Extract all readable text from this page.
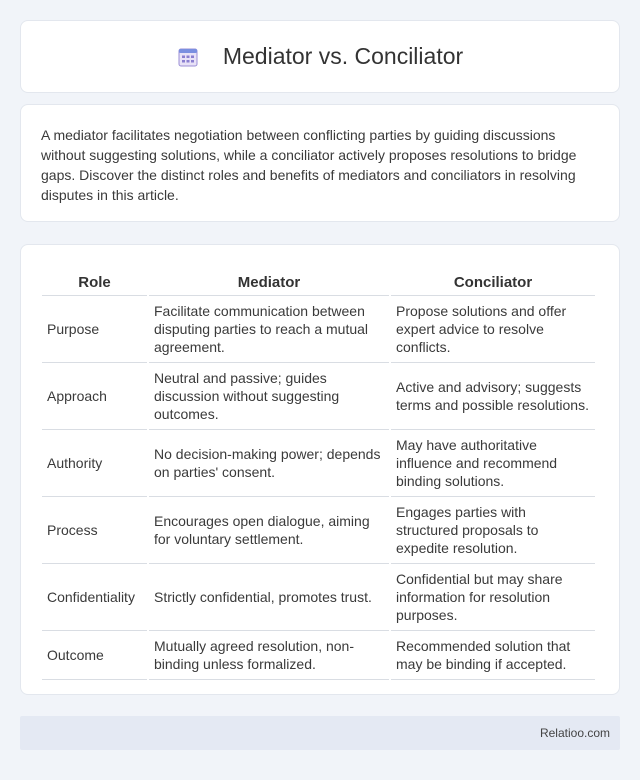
Mediator vs. Conciliator

A mediator facilitates negotiation between conflicting parties by guiding discussions without suggesting solutions, while a conciliator actively proposes resolutions to bridge gaps. Discover the distinct roles and benefits of mediators and conciliators in resolving disputes in this article.

Role	Mediator	Conciliator
Purpose	Facilitate communication between disputing parties to reach a mutual agreement.	Propose solutions and offer expert advice to resolve conflicts.
Approach	Neutral and passive; guides discussion without suggesting outcomes.	Active and advisory; suggests terms and possible resolutions.
Authority	No decision-making power; depends on parties' consent.	May have authoritative influence and recommend binding solutions.
Process	Encourages open dialogue, aiming for voluntary settlement.	Engages parties with structured proposals to expedite resolution.
Confidentiality	Strictly confidential, promotes trust.	Confidential but may share information for resolution purposes.
Outcome	Mutually agreed resolution, non-binding unless formalized.	Recommended solution that may be binding if accepted.
Relatioo.com
